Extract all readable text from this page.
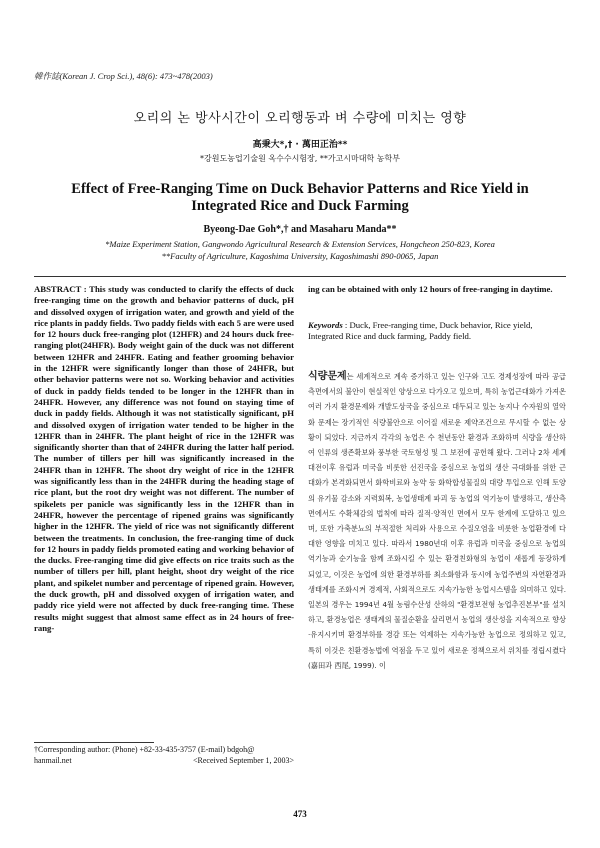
韓作誌(Korean J. Crop Sci.), 48(6): 473~478(2003)
오리의 논 방사시간이 오리행동과 벼 수량에 미치는 영향
高秉大*,† · 萬田正治**
*강원도농업기술원 옥수수시험장, **가고시마대학 농학부
Effect of Free-Ranging Time on Duck Behavior Patterns and Rice Yield in Integrated Rice and Duck Farming
Byeong-Dae Goh*,† and Masaharu Manda**
*Maize Experiment Station, Gangwondo Agricultural Research & Extension Services, Hongcheon 250-823, Korea
**Faculty of Agriculture, Kagoshima University, Kagoshimashi 890-0065, Japan
ABSTRACT : This study was conducted to clarify the effects of duck free-ranging time on the growth and behavior patterns of duck, pH and dissolved oxygen of irrigation water, and growth and yield of the rice plants in paddy fields. Two paddy fields with each 5 are were used for 12 hours duck free-ranging plot (12HFR) and 24 hours duck free-ranging plot(24HFR). Body weight gain of the duck was not different between 12HFR and 24HFR. Eating and feather grooming behavior in the 12HFR were significantly longer than those of 24HFR, but other behavior patterns were not so. Working behavior and activities of duck in paddy fields tended to be longer in the 12HFR than in 24HFR. However, any difference was not found on staying time of duck in paddy fields. Although it was not statistically significant, pH and dissolved oxygen of irrigation water tended to be higher in the 12HFR than in 24HFR. The plant height of rice in the 12HFR was significantly shorter than that of 24HFR during the latter half period. The number of tillers per hill was significantly increased in the 24HFR than in 12HFR. The shoot dry weight of rice in the 12HFR was significantly less than in the 24HFR during the heading stage of rice plant, but the root dry weight was not different. The number of spikelets per panicle was significantly less in the 12HFR than in 24HFR, however the percentage of ripened grains was significantly higher in the 12HFR. The yield of rice was not significantly different between the treatments. In conclusion, the free-ranging time of duck for 12 hours in paddy fields promoted eating and working behavior of the ducks. Free-ranging time did give effects on rice traits such as the number of tillers per hill, plant height, shoot dry weight of the rice plant, and spikelet number and percentage of ripened grain. However, the duck growth, pH and dissolved oxygen of irrigation water, and paddy rice yield were not affected by duck free-ranging time. These results might suggest that almost same effect as in 24 hours of free-rang-
ing can be obtained with only 12 hours of free-ranging in daytime.
Keywords : Duck, Free-ranging time, Duck behavior, Rice yield, Integrated Rice and duck farming, Paddy field.
식량문제는 세계적으로 계속 증가하고 있는 인구와 고도 경제성장에 따라 공급측면에서의 불안이 현실적인 양상으로 다가오고 있으며, 특히 농업근대화가 가져온 여러 가지 환경문제와 개발도상국을 중심으로 대두되고 있는 농지나 수자원의 열악화 문제는 장기적인 식량불안으로 이어질 새로운 제약조건으로 무시할 수 없는 상황이 되었다. 지금까지 각각의 농업은 수 천년동안 환경과 조화하며 식량을 생산하여 인류의 생존확보와 풍부한 국토형성 및 그 보전에 공헌해 왔다. 그러나 2차 세계대전이후 유럽과 미국을 비롯한 선진국을 중심으로 농업의 생산 극대화를 위한 근대화가 본격화되면서 화학비료와 농약 등 화학합성물질의 대량 투입으로 인해 토양의 유기물 감소와 지력회복, 농업생태계 파괴 등 농업의 역기능이 발생하고, 생산측면에서도 수확체감의 법칙에 따라 질적·양적인 면에서 모두 한계에 도달하고 있으며, 또한 가축분뇨의 부적절한 처리와 사용으로 수질오염을 비롯한 농업환경에 다대한 영향을 미치고 있다. 따라서 1980년대 이후 유럽과 미국을 중심으로 농업의 역기능과 순기능을 함께 조화시킬 수 있는 환경친화형의 농업이 새롭게 등장하게 되었고, 이것은 농업에 의한 환경부하를 최소화함과 동시에 농업주변의 자연환경과 생태계를 조화시켜 경제적, 사회적으로도 지속가능한 농업시스템을 의미하고 있다. 일본의 경우는 1994년 4월 농림수산성 산하의 "환경보전형 농업추진본부"를 설치하고, 환경농업은 생태계의 물질순환을 살리면서 농업의 생산성을 지속적으로 향상·유지시키며 환경부하를 경감 또는 억제하는 지속가능한 농업으로 정의하고 있고, 특히 이것은 친환경농법에 역점을 두고 있어 새로운 정책으로서 위치를 정립시켰다(嘉田과 西尾, 1999). 이
†Corresponding author: (Phone) +82-33-435-3757 (E-mail) bdgoh@
hanmail.net	<Received September 1, 2003>
473
